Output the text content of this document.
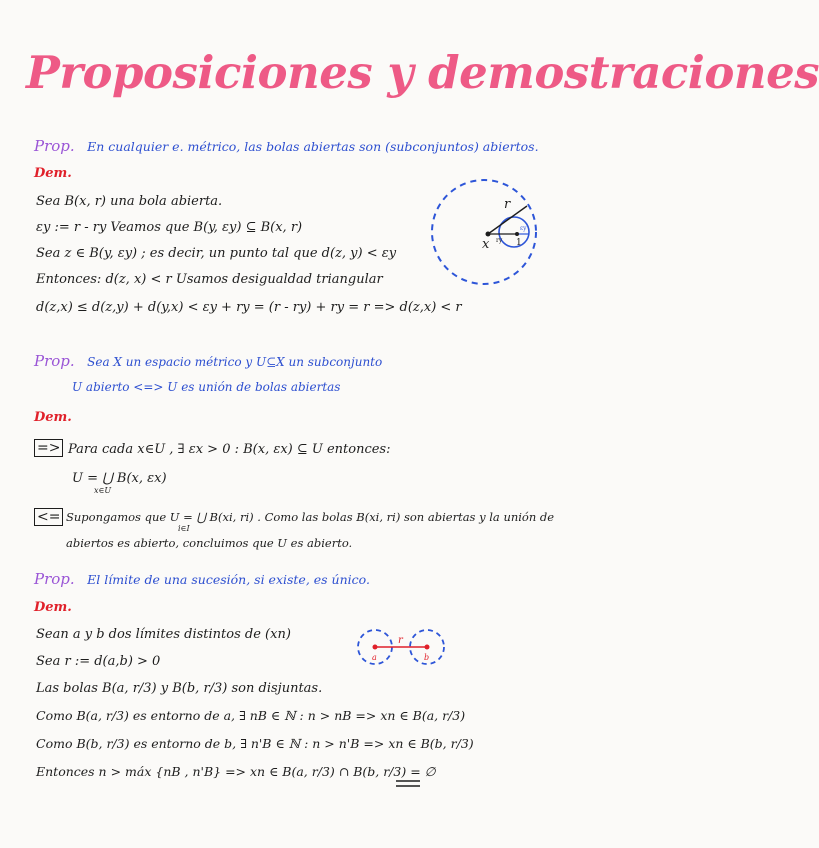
Proposiciones y demostraciones
Prop. En cualquier e. métrico, las bolas abiertas son (subconjuntos) abiertos.
Dem.
Sea B(x, r) una bola abierta.
εy := r - ry Veamos que B(y, εy) ⊆ B(x, r)
Sea z ∈ B(y, εy) ; es decir, un punto tal que d(z, y) < εy
Entonces: d(z, x) < r Usamos desigualdad triangular
d(z,x) ≤ d(z,y) + d(y,x) < εy + ry = (r - ry) + ry = r => d(z,x) < r
r
x	1
εy
ry
Prop. Sea X un espacio métrico y U⊆X un subconjunto
U abierto <=> U es unión de bolas abiertas
Dem.
=> Para cada x∈U , ∃ εx > 0 : B(x, εx) ⊆ U entonces:
U = ⋃ B(x, εx)
x∈U
<= Supongamos que U = ⋃ B(xi, ri) . Como las bolas B(xi, ri) son abiertas y la unión de
i∈I
abiertos es abierto, concluimos que U es abierto.
Prop. El límite de una sucesión, si existe, es único.
Dem.
Sean a y b dos límites distintos de (xn)
Sea r := d(a,b) > 0
Las bolas B(a, r/3) y B(b, r/3) son disjuntas.
Como B(a, r/3) es entorno de a, ∃ nB ∈ ℕ : n > nB => xn ∈ B(a, r/3)
Como B(b, r/3) es entorno de b, ∃ n'B ∈ ℕ : n > n'B => xn ∈ B(b, r/3)
Entonces n > máx {nB , n'B} => xn ∈ B(a, r/3) ∩ B(b, r/3) = ∅
r
a	b
